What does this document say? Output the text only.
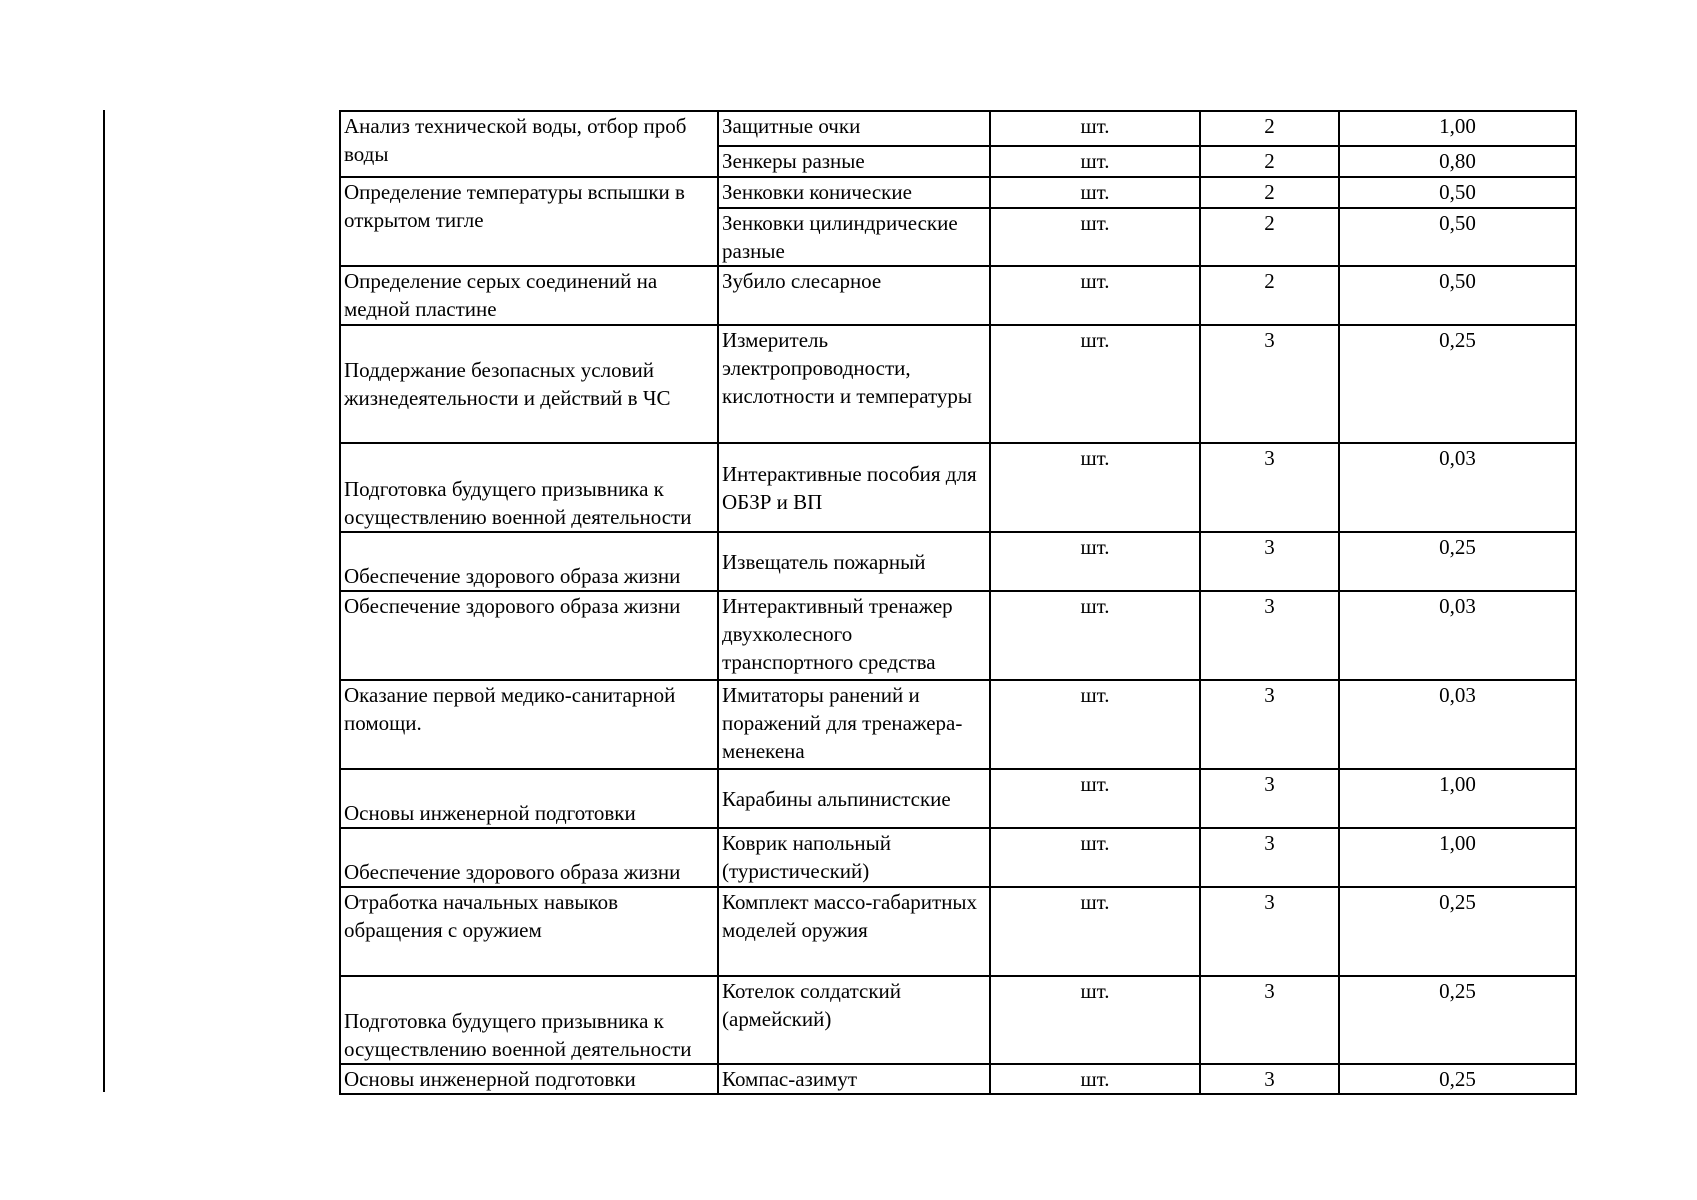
Анализ технической воды, отбор проб воды	Защитные очки	шт.	2	1,00
	Зенкеры разные	шт.	2	0,80
Определение температуры вспышки в открытом тигле	Зенковки конические	шт.	2	0,50
	Зенковки цилиндрические разные	шт.	2	0,50
Определение серых соединений на медной пластине	Зубило слесарное	шт.	2	0,50
Поддержание безопасных условий жизнедеятельности и действий в ЧС	Измеритель электропроводности, кислотности и температуры	шт.	3	0,25
Подготовка будущего призывника к осуществлению военной деятельности	Интерактивные пособия для ОБЗР и ВП	шт.	3	0,03
Обеспечение здорового образа жизни	Извещатель пожарный	шт.	3	0,25
Обеспечение здорового образа жизни	Интерактивный тренажер двухколесного транспортного средства	шт.	3	0,03
Оказание первой медико-санитарной помощи.	Имитаторы ранений и поражений для тренажера-менекена	шт.	3	0,03
Основы инженерной подготовки	Карабины альпинистские	шт.	3	1,00
Обеспечение здорового образа жизни	Коврик напольный (туристический)	шт.	3	1,00
Отработка начальных навыков обращения с оружием	Комплект массо-габаритных моделей оружия	шт.	3	0,25
Подготовка будущего призывника к осуществлению военной деятельности	Котелок солдатский (армейский)	шт.	3	0,25
Основы инженерной подготовки	Компас-азимут	шт.	3	0,25
